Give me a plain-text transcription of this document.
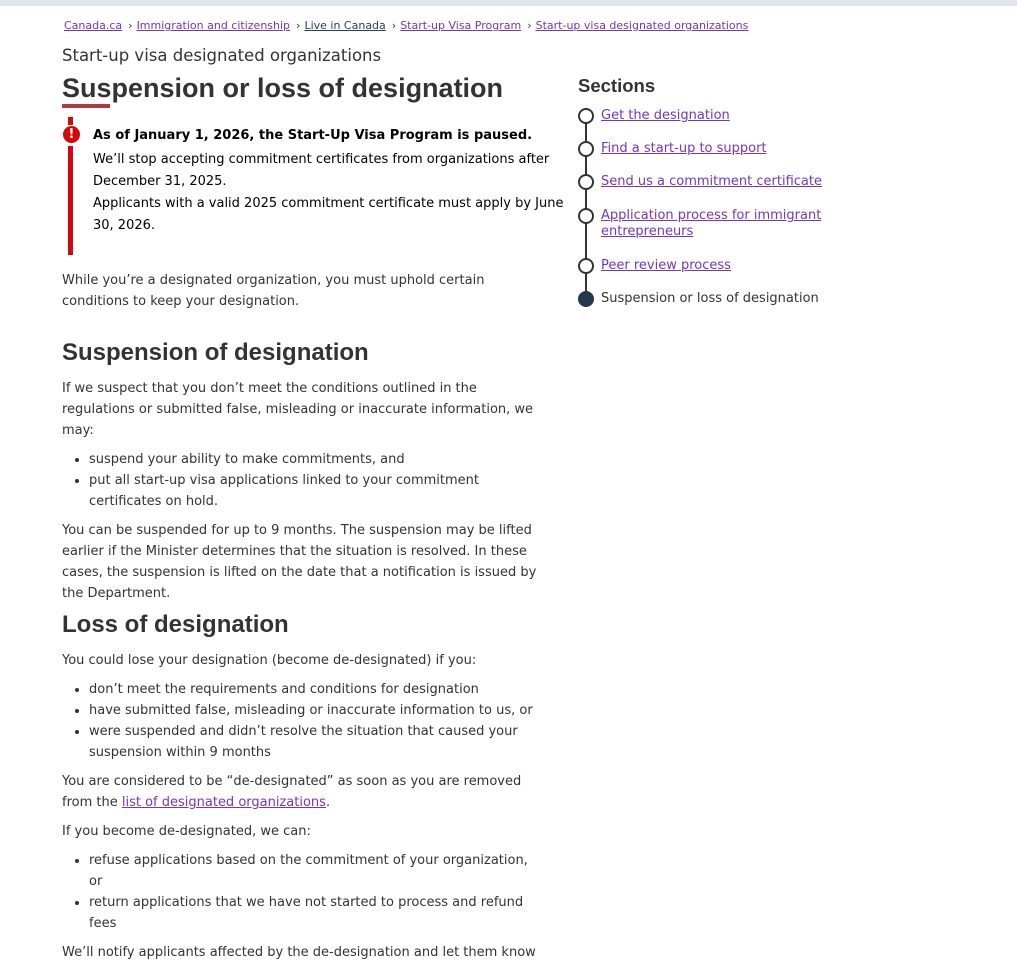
Canada.ca › Immigration and citizenship › Live in Canada › Start-up Visa Program › Start-up visa designated organizations
Start-up visa designated organizations
Suspension or loss of designation
!	As of January 1, 2026, the Start-Up Visa Program is paused.

We’ll stop accepting commitment certificates from organizations after December 31, 2025.

Applicants with a valid 2025 commitment certificate must apply by June 30, 2026.

While you’re a designated organization, you must uphold certain conditions to keep your designation.

Suspension of designation

If we suspect that you don’t meet the conditions outlined in the regulations or submitted false, misleading or inaccurate information, we may:

• suspend your ability to make commitments, and
• put all start-up visa applications linked to your commitment certificates on hold.

You can be suspended for up to 9 months. The suspension may be lifted earlier if the Minister determines that the situation is resolved. In these cases, the suspension is lifted on the date that a notification is issued by the Department.

Loss of designation

You could lose your designation (become de-designated) if you:

• don’t meet the requirements and conditions for designation
• have submitted false, misleading or inaccurate information to us, or
• were suspended and didn’t resolve the situation that caused your suspension within 9 months

You are considered to be “de-designated” as soon as you are removed from the list of designated organizations.

If you become de-designated, we can:

• refuse applications based on the commitment of your organization, or
• return applications that we have not started to process and refund fees

We’ll notify applicants affected by the de-designation and let them know

Sections
Get the designation
Find a start-up to support
Send us a commitment certificate
Application process for immigrant entrepreneurs
Peer review process
Suspension or loss of designation
